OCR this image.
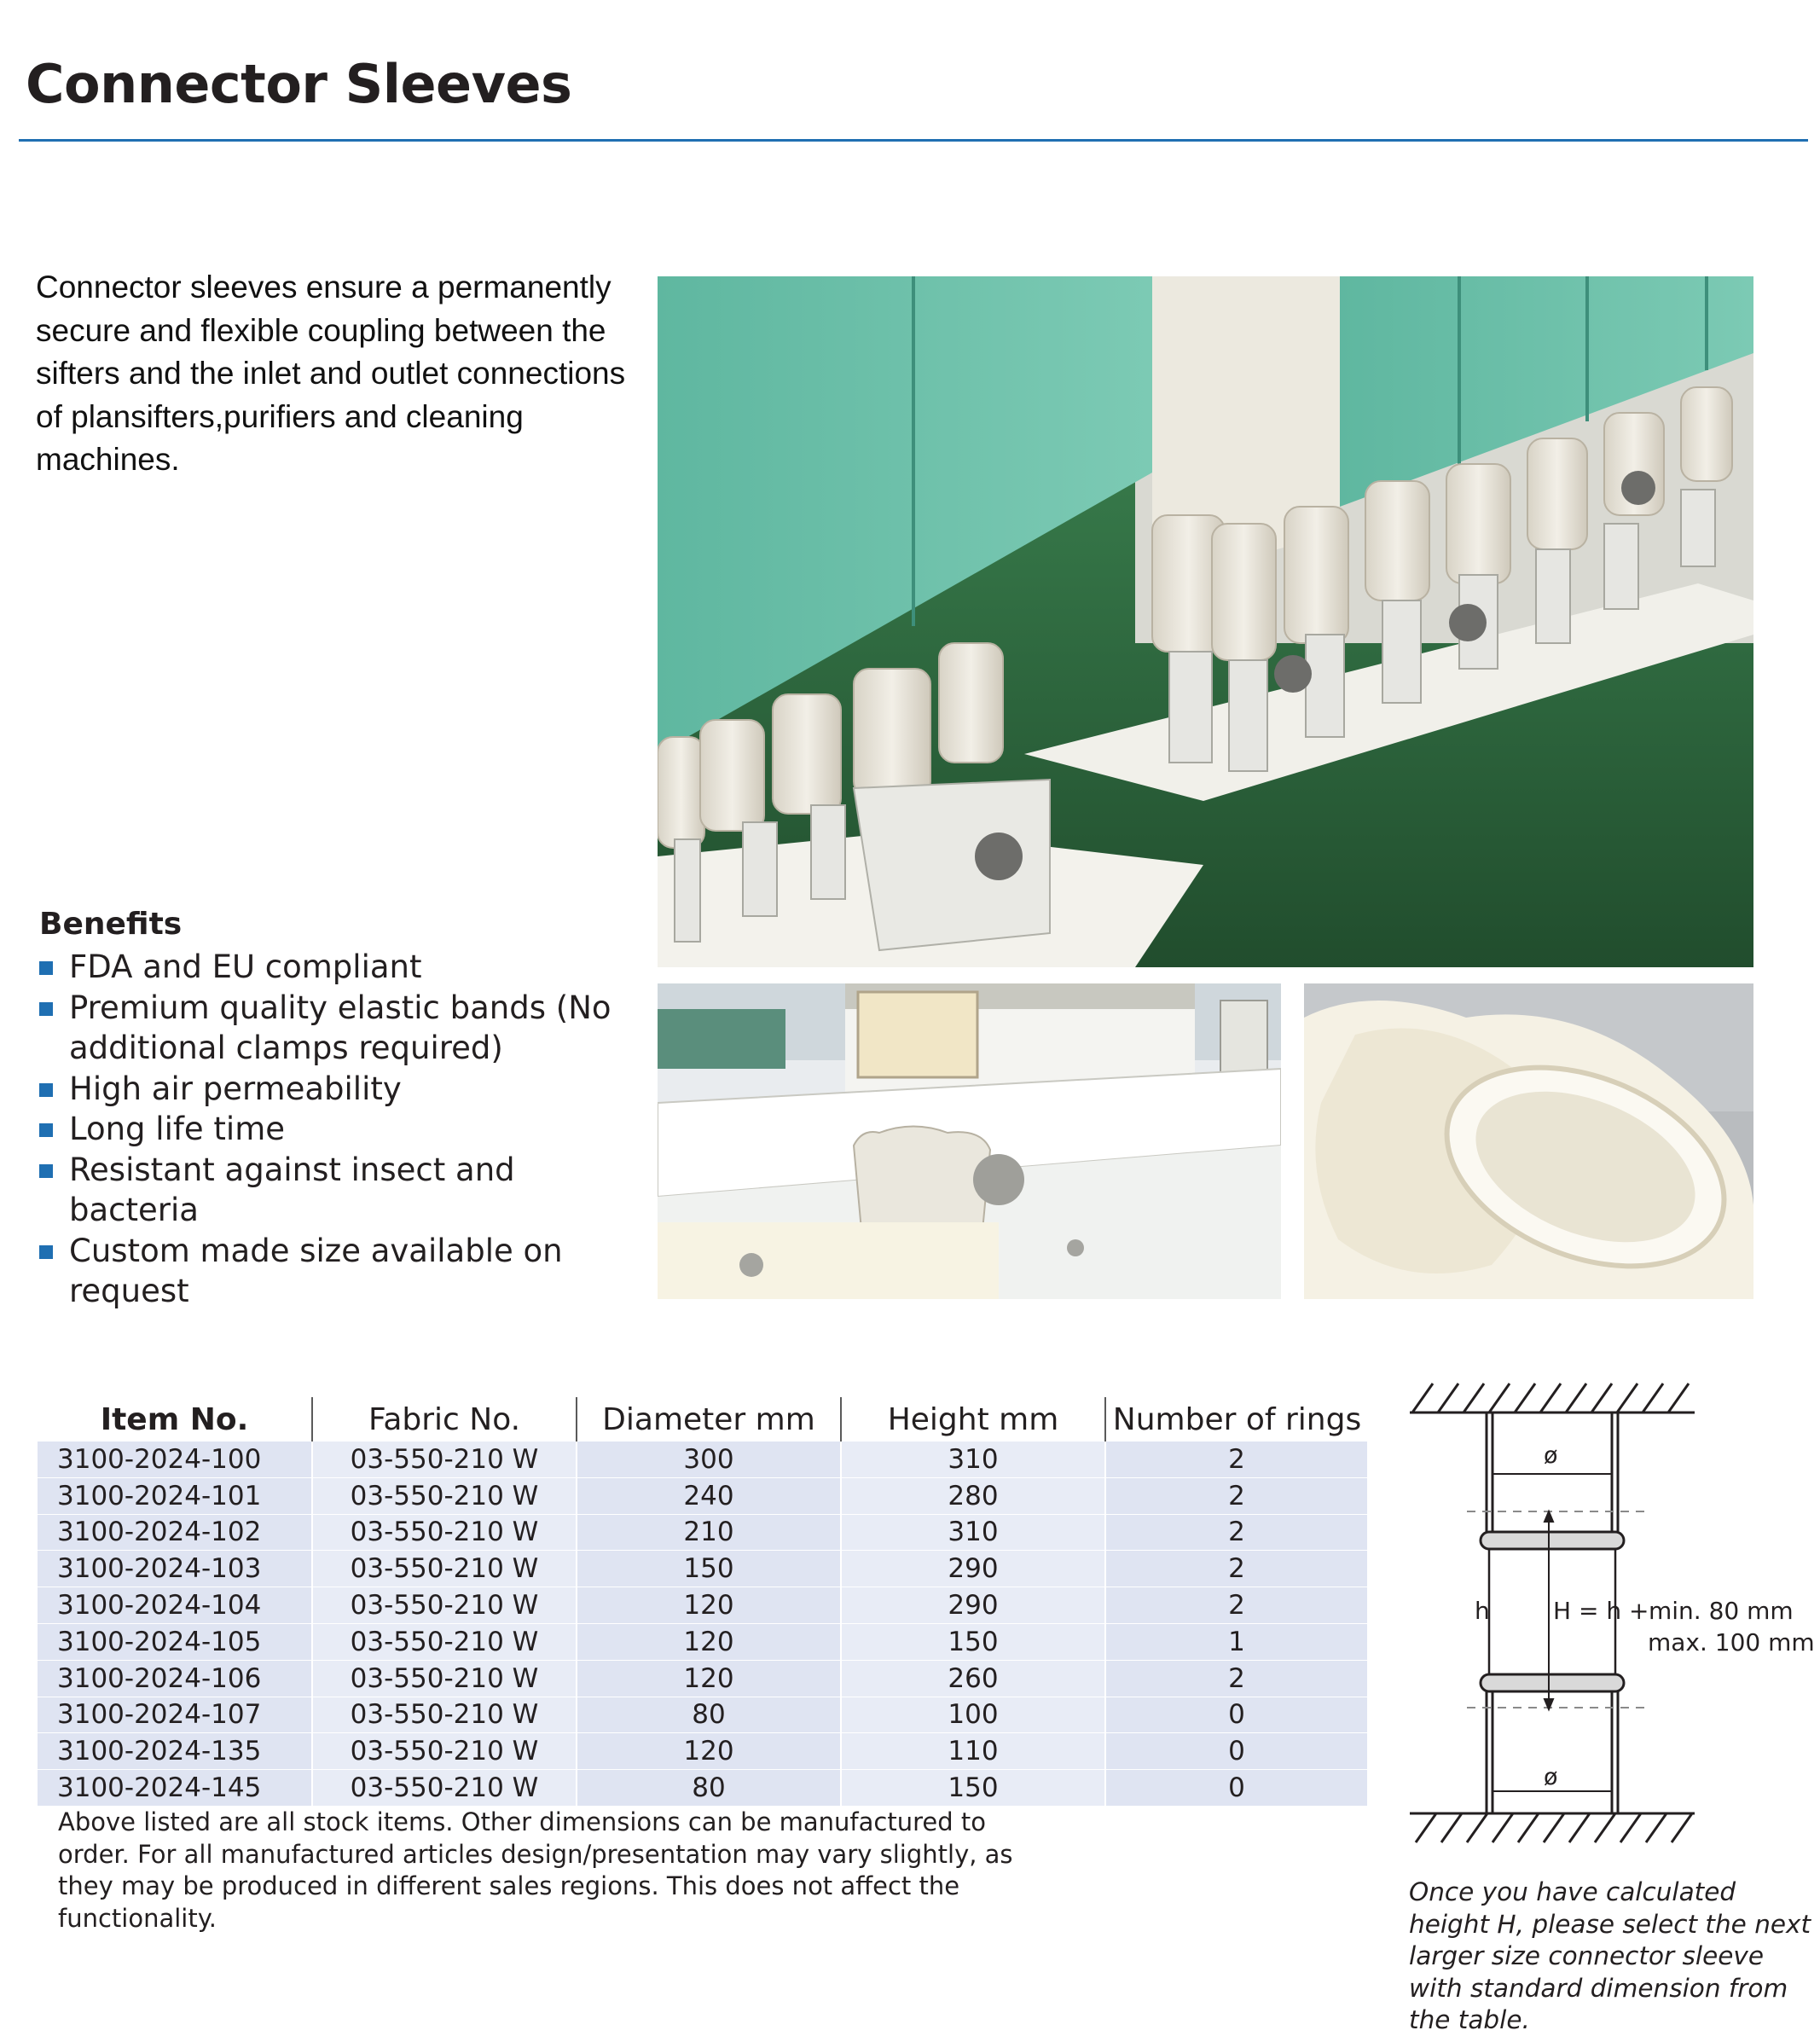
Connector Sleeves

Connector sleeves ensure a permanently secure and flexible coupling between the sifters and the inlet and outlet connections of plansifters,purifiers and cleaning machines.

Benefits
FDA and EU compliant
Premium quality elastic bands (No additional clamps required)
High air permeability
Long life time
Resistant against insect and bacteria
Custom made size available on request
Item No.	Fabric No.	Diameter mm	Height mm	Number of rings
3100-2024-100	03-550-210 W	300	310	2
3100-2024-101	03-550-210 W	240	280	2
3100-2024-102	03-550-210 W	210	310	2
3100-2024-103	03-550-210 W	150	290	2
3100-2024-104	03-550-210 W	120	290	2
3100-2024-105	03-550-210 W	120	150	1
3100-2024-106	03-550-210 W	120	260	2
3100-2024-107	03-550-210 W	80	100	0
3100-2024-135	03-550-210 W	120	110	0
3100-2024-145	03-550-210 W	80	150	0

Above listed are all stock items. Other dimensions can be manufactured to order. For all manufactured articles design/presentation may vary slightly, as they may be produced in different sales regions. This does not affect the functionality.

ø
ø
h	H = h + min. 80 mm
max. 100 mm

Once you have calculated height H, please select the next larger size connector sleeve with standard dimension from the table.
